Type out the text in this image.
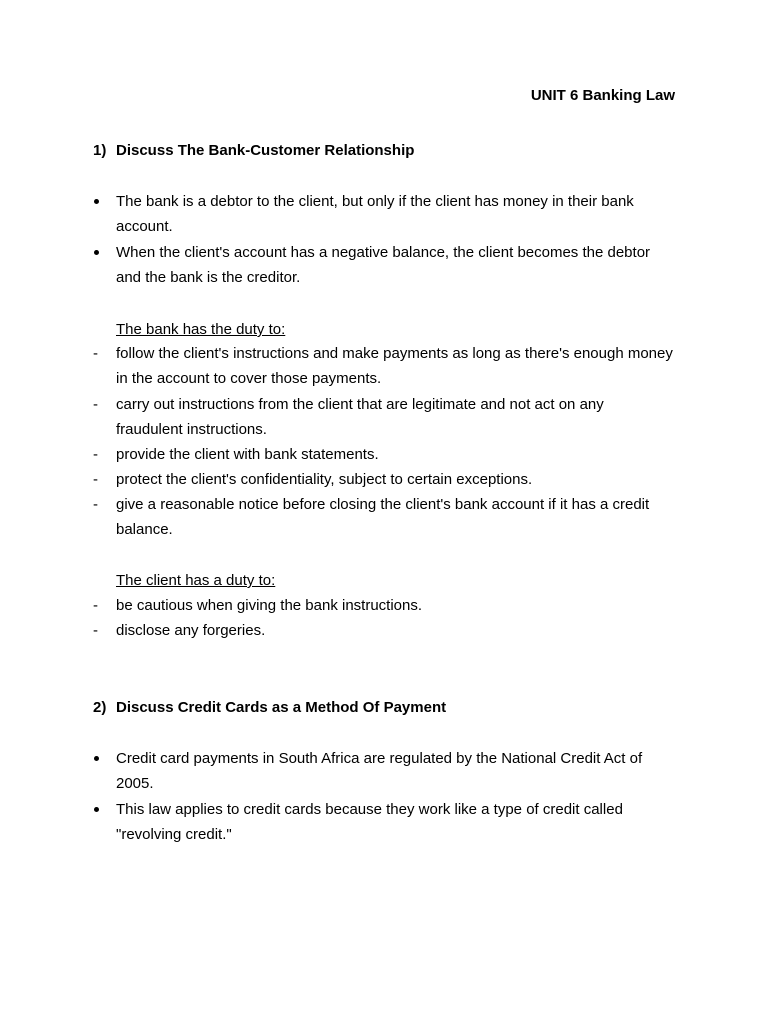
UNIT 6 Banking Law
1) Discuss The Bank-Customer Relationship
The bank is a debtor to the client, but only if the client has money in their bank account.
When the client's account has a negative balance, the client becomes the debtor and the bank is the creditor.
The bank has the duty to:
-	follow the client's instructions and make payments as long as there's enough money in the account to cover those payments.
-	carry out instructions from the client that are legitimate and not act on any fraudulent instructions.
-	provide the client with bank statements.
-	protect the client's confidentiality, subject to certain exceptions.
-	give a reasonable notice before closing the client's bank account if it has a credit balance.
The client has a duty to:
-	be cautious when giving the bank instructions.
-	disclose any forgeries.
2) Discuss Credit Cards as a Method Of Payment
Credit card payments in South Africa are regulated by the National Credit Act of 2005.
This law applies to credit cards because they work like a type of credit called "revolving credit."
